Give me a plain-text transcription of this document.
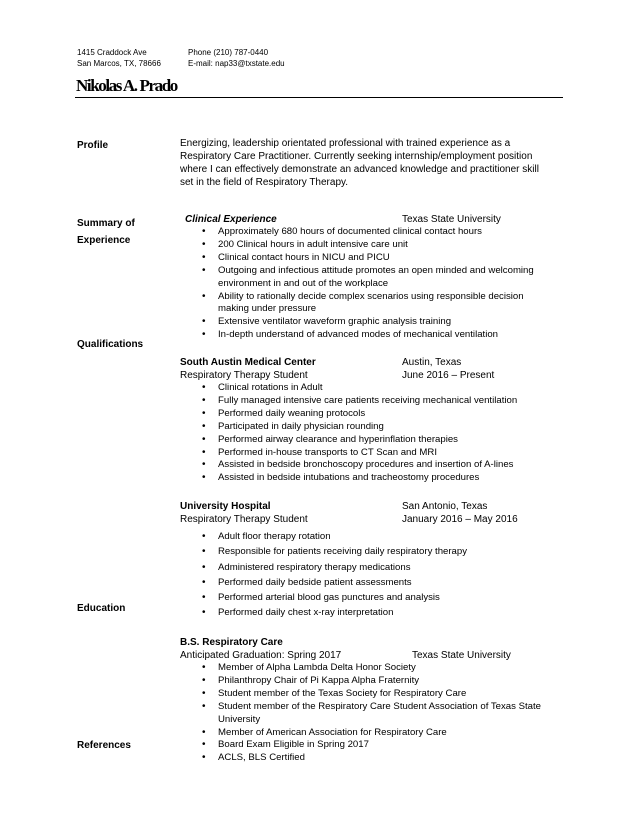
1415 Craddock Ave
San Marcos, TX, 78666
Phone (210) 787-0440
E-mail: nap33@txstate.edu
Nikolas A. Prado
Profile
Summary of
Experience
Qualifications
Education
References
Energizing, leadership orientated professional with trained experience as a Respiratory Care Practitioner. Currently seeking internship/employment position where I can effectively demonstrate an advanced knowledge and practitioner skill set in the field of Respiratory Therapy.
Clinical Experience	Texas State University
• Approximately 680 hours of documented clinical contact hours
• 200 Clinical hours in adult intensive care unit
• Clinical contact hours in NICU and PICU
• Outgoing and infectious attitude promotes an open minded and welcoming environment in and out of the workplace
• Ability to rationally decide complex scenarios using responsible decision making under pressure
• Extensive ventilator waveform graphic analysis training
• In-depth understand of advanced modes of mechanical ventilation
South Austin Medical Center	Austin, Texas
Respiratory Therapy Student	June 2016 – Present
• Clinical rotations in Adult
• Fully managed intensive care patients receiving mechanical ventilation
• Performed daily weaning protocols
• Participated in daily physician rounding
• Performed airway clearance and hyperinflation therapies
• Performed in-house transports to CT Scan and MRI
• Assisted in bedside bronchoscopy procedures and insertion of A-lines
• Assisted in bedside intubations and tracheostomy procedures
University Hospital	San Antonio, Texas
Respiratory Therapy Student	January 2016 – May 2016
• Adult floor therapy rotation
• Responsible for patients receiving daily respiratory therapy
• Administered respiratory therapy medications
• Performed daily bedside patient assessments
• Performed arterial blood gas punctures and analysis
• Performed daily chest x-ray interpretation
B.S. Respiratory Care
Anticipated Graduation: Spring 2017	Texas State University
• Member of Alpha Lambda Delta Honor Society
• Philanthropy Chair of Pi Kappa Alpha Fraternity
• Student member of the Texas Society for Respiratory Care
• Student member of the Respiratory Care Student Association of Texas State University
• Member of American Association for Respiratory Care
• Board Exam Eligible in Spring 2017
• ACLS, BLS Certified
